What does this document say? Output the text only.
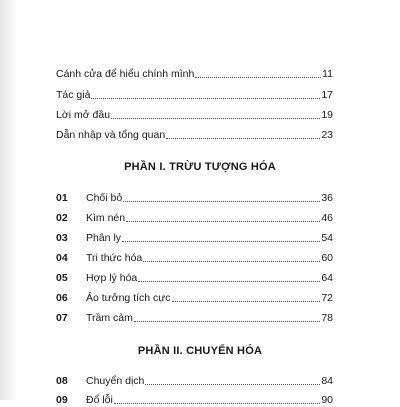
Cánh cửa để hiểu chính mình	11
Tác giả	17
Lời mở đầu	19
Dẫn nhập và tổng quan	23
PHẦN I. TRỪU TƯỢNG HÓA
01	Chối bỏ	36
02	Kìm nén	46
03	Phân ly	54
04	Tri thức hóa	60
05	Hợp lý hóa	64
06	Ảo tưởng tích cực	72
07	Trầm cảm	78
PHẦN II. CHUYỂN HÓA
08	Chuyển dịch	84
09	Đổ lỗi	90
